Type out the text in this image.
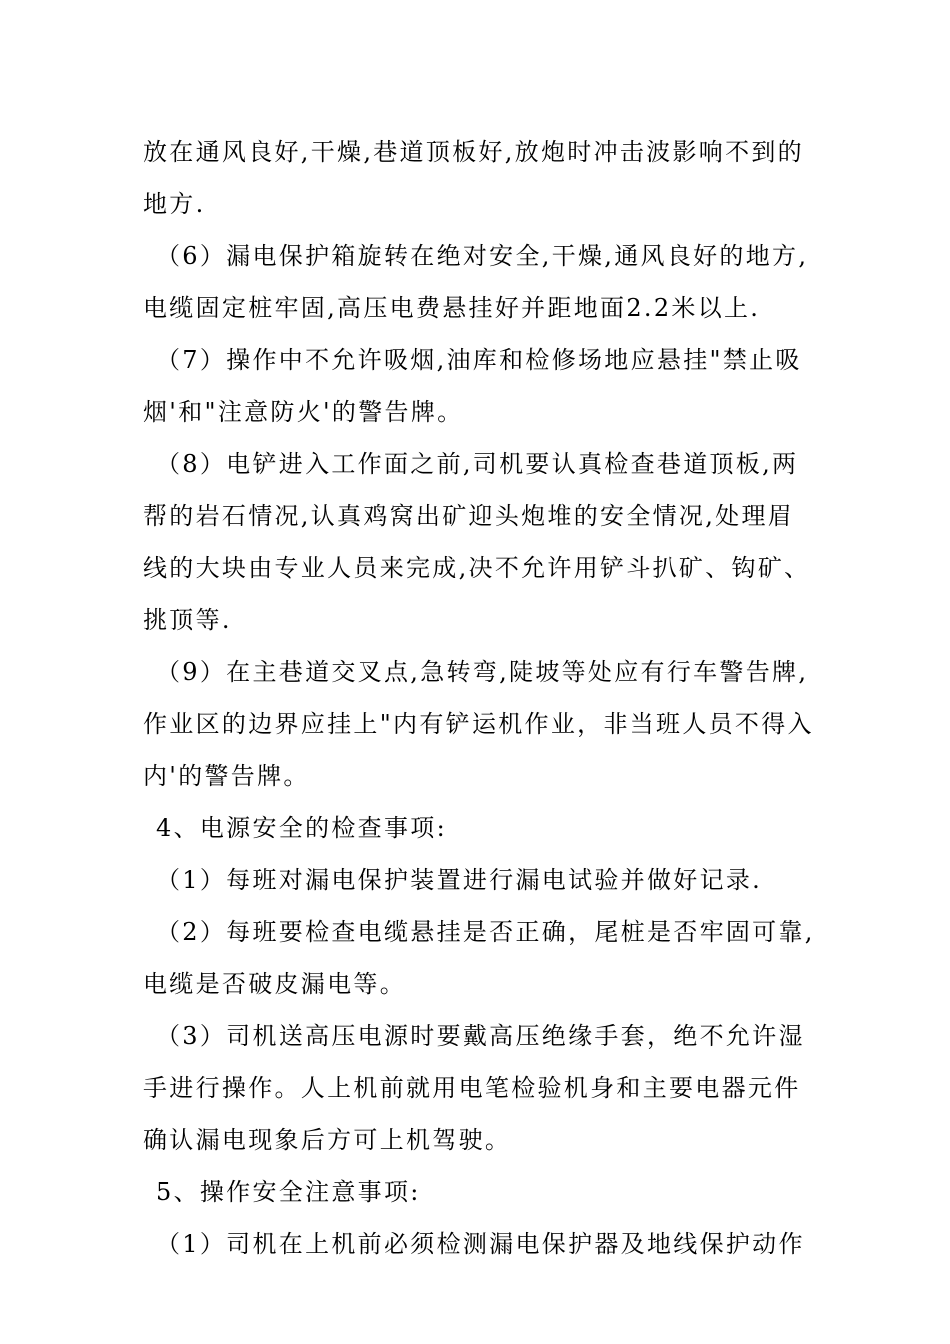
放在通风良好,干燥,巷道顶板好,放炮时冲击波影响不到的
地方.
（6）漏电保护箱旋转在绝对安全,干燥,通风良好的地方,
电缆固定桩牢固,高压电费悬挂好并距地面2.2米以上.
（7）操作中不允许吸烟,油库和检修场地应悬挂"禁止吸
烟'和"注意防火'的警告牌。
（8）电铲进入工作面之前,司机要认真检查巷道顶板,两
帮的岩石情况,认真鸡窝出矿迎头炮堆的安全情况,处理眉
线的大块由专业人员来完成,决不允许用铲斗扒矿、钩矿、
挑顶等.
（9）在主巷道交叉点,急转弯,陡坡等处应有行车警告牌,
作业区的边界应挂上"内有铲运机作业，非当班人员不得入
内'的警告牌。
4、电源安全的检查事项:
（1）每班对漏电保护装置进行漏电试验并做好记录.
（2）每班要检查电缆悬挂是否正确，尾桩是否牢固可靠,
电缆是否破皮漏电等。
（3）司机送高压电源时要戴高压绝缘手套，绝不允许湿
手进行操作。人上机前就用电笔检验机身和主要电器元件
确认漏电现象后方可上机驾驶。
5、操作安全注意事项:
（1）司机在上机前必须检测漏电保护器及地线保护动作
